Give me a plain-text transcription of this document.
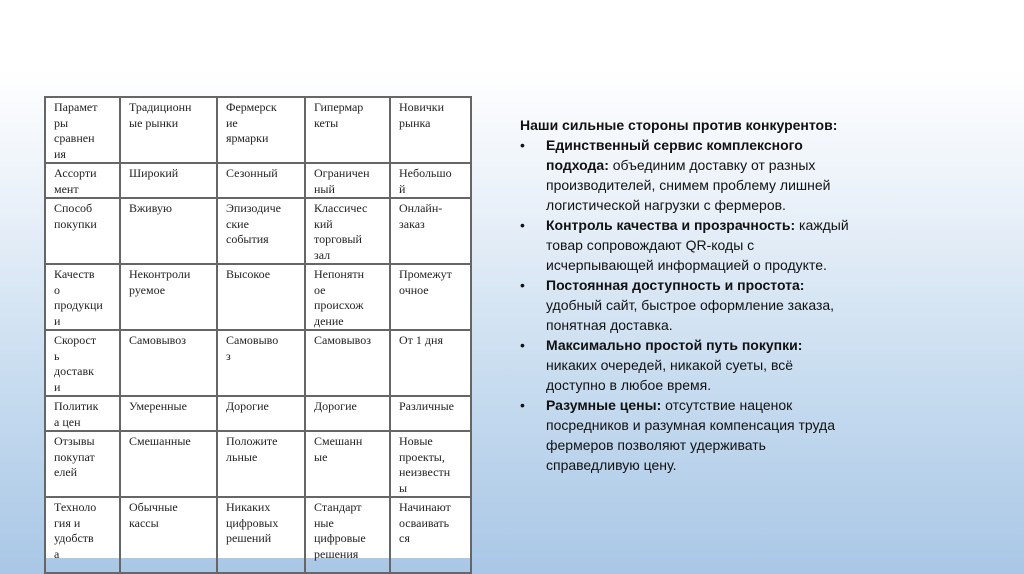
Парамет
ры
сравнен
ия	Традиционн
ые рынки	Фермерск
ие
ярмарки	Гипермар
кеты	Новички
рынка

Ассорти
мент	Широкий	Сезонный	Ограничен
ный	Небольшо
й

Способ
покупки	Вживую	Эпизодиче
ские
события	Классичес
кий
торговый
зал	Онлайн-
заказ

Качеств
о
продукци
и	Неконтроли
руемое	Высокое	Непонятн
ое
происхож
дение	Промежут
очное

Скорост
ь
доставк
и	Самовывоз	Самовыво
з	Самовывоз	От 1 дня

Политик
а цен	Умеренные	Дорогие	Дорогие	Различные

Отзывы
покупат
елей	Смешанные	Положите
льные	Смешанн
ые	Новые
проекты,
неизвестн
ы

Техноло
гия и
удобств
а	Обычные
кассы	Никаких
цифровых
решений	Стандарт
ные
цифровые
решения	Начинают
осваивать
ся
Наши сильные стороны против конкурентов:
• Единственный сервис комплексного подхода: объединим доставку от разных производителей, снимем проблему лишней логистической нагрузки с фермеров.
• Контроль качества и прозрачность: каждый товар сопровождают QR-коды с исчерпывающей информацией о продукте.
• Постоянная доступность и простота: удобный сайт, быстрое оформление заказа, понятная доставка.
• Максимально простой путь покупки: никаких очередей, никакой суеты, всё доступно в любое время.
• Разумные цены: отсутствие наценок посредников и разумная компенсация труда фермеров позволяют удерживать справедливую цену.
